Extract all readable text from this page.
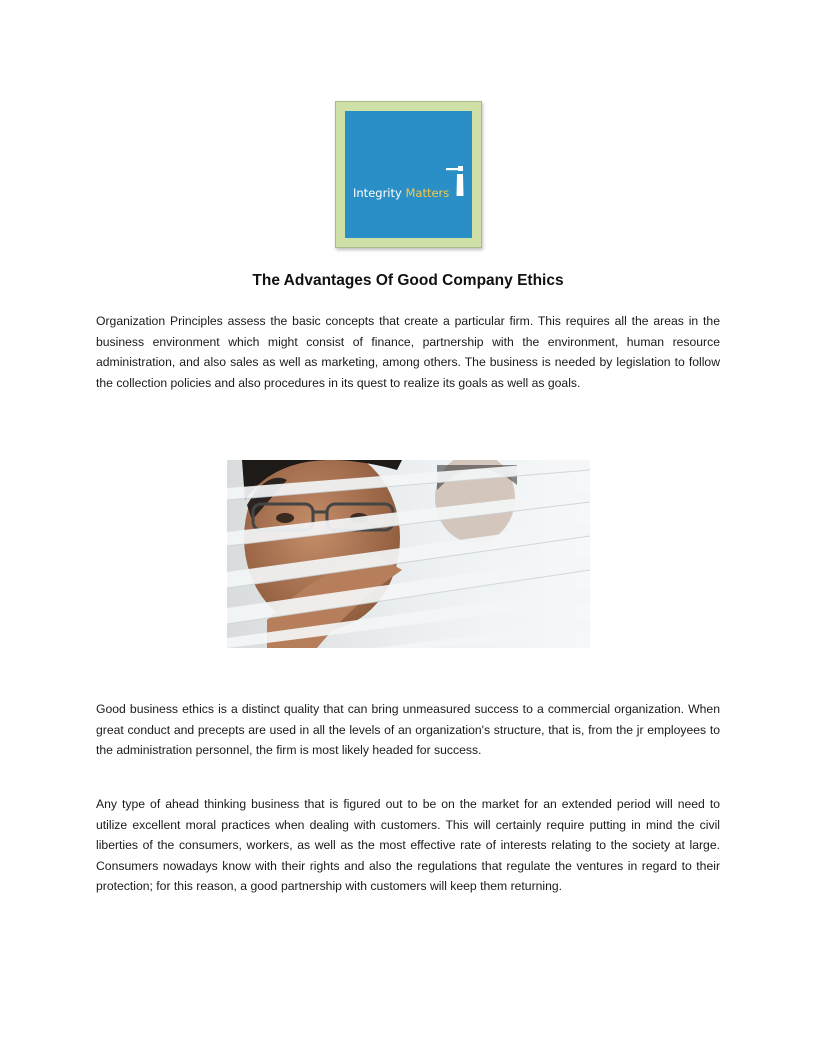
Integrity Matters
The Advantages Of Good Company Ethics

Organization Principles assess the basic concepts that create a particular firm. This requires all the areas in the business environment which might consist of finance, partnership with the environment, human resource administration, and also sales as well as marketing, among others. The business is needed by legislation to follow the collection policies and also procedures in its quest to realize its goals as well as goals.

Good business ethics is a distinct quality that can bring unmeasured success to a commercial organization. When great conduct and precepts are used in all the levels of an organization's structure, that is, from the jr employees to the administration personnel, the firm is most likely headed for success.

Any type of ahead thinking business that is figured out to be on the market for an extended period will need to utilize excellent moral practices when dealing with customers. This will certainly require putting in mind the civil liberties of the consumers, workers, as well as the most effective rate of interests relating to the society at large. Consumers nowadays know with their rights and also the regulations that regulate the ventures in regard to their protection; for this reason, a good partnership with customers will keep them returning.
